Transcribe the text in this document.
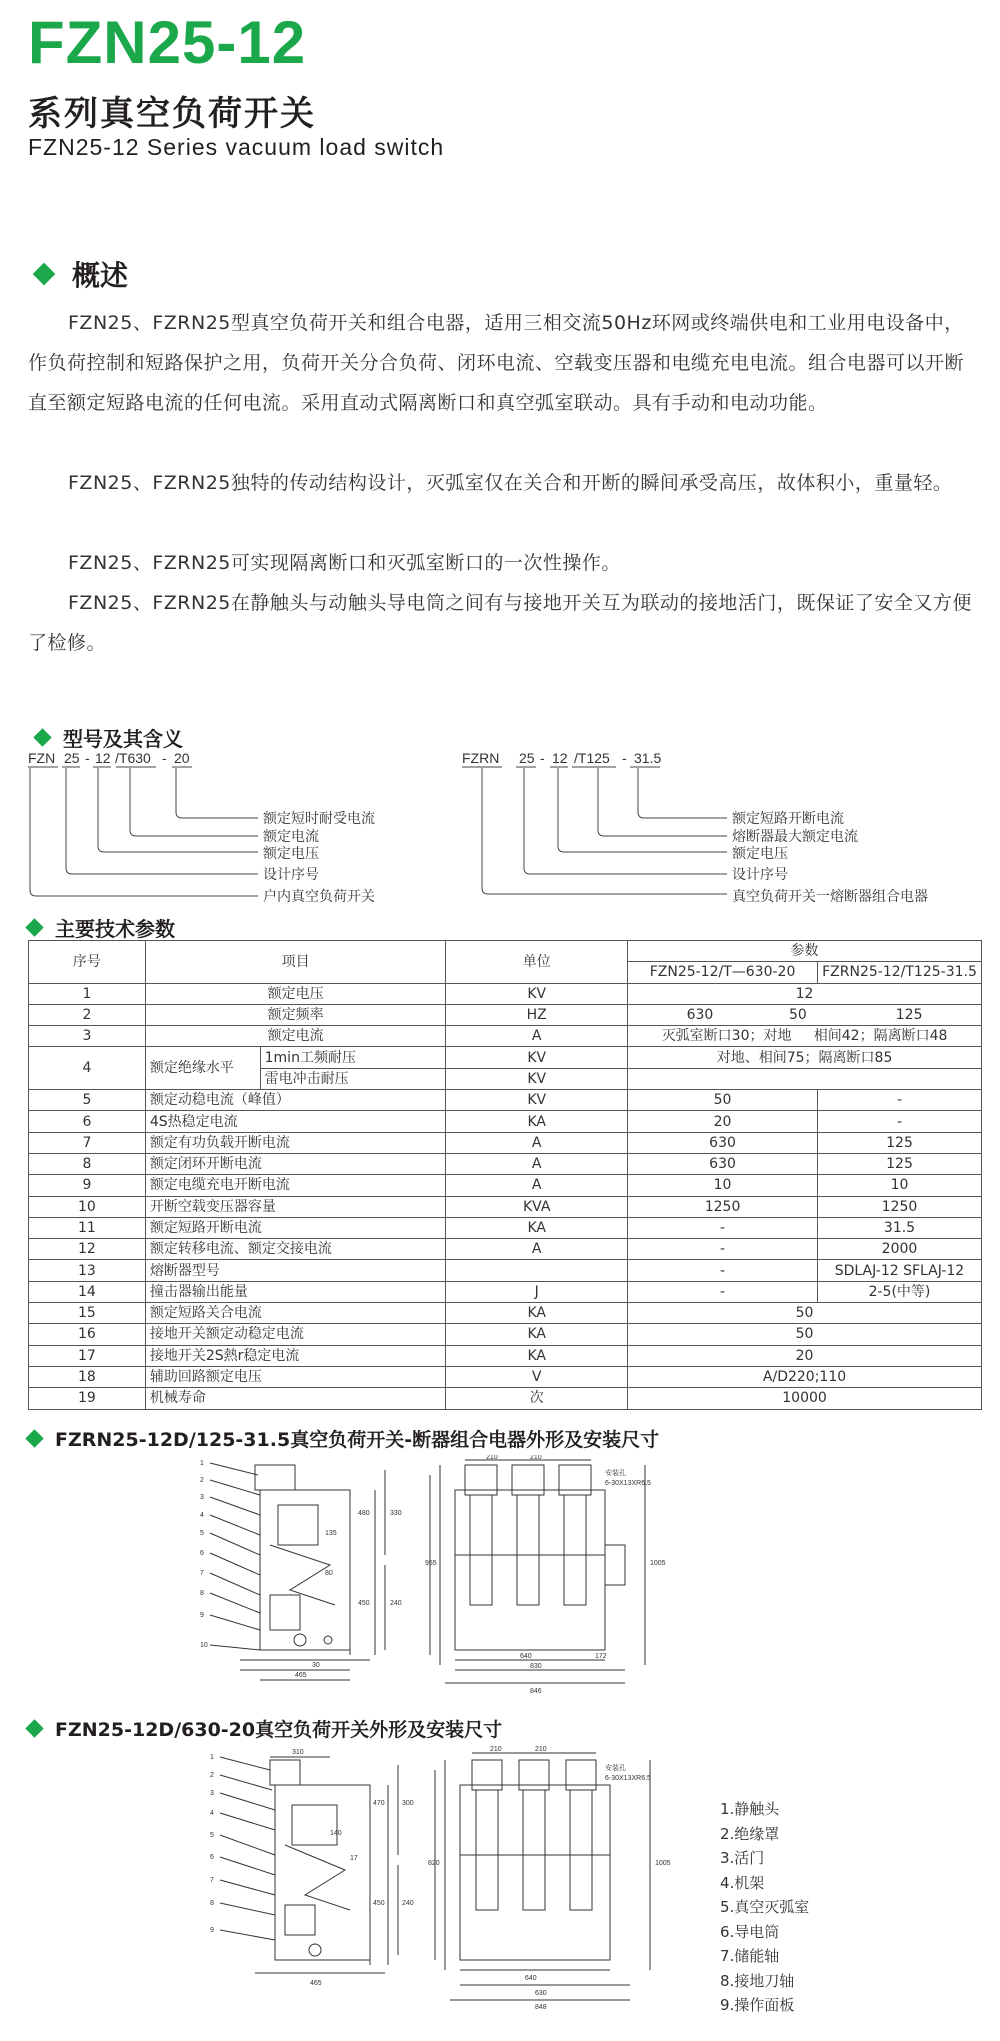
FZN25-12
系列真空负荷开关
FZN25-12 Series vacuum load switch
概述
FZN25、FZRN25型真空负荷开关和组合电器，适用三相交流50Hz环网或终端供电和工业用电设备中，作负荷控制和短路保护之用，负荷开关分合负荷、闭环电流、空载变压器和电缆充电电流。组合电器可以开断直至额定短路电流的任何电流。采用直动式隔离断口和真空弧室联动。具有手动和电动功能。
FZN25、FZRN25独特的传动结构设计，灭弧室仅在关合和开断的瞬间承受高压，故体积小，重量轻。
FZN25、FZRN25可实现隔离断口和灭弧室断口的一次性操作。
FZN25、FZRN25在静触头与动触头导电筒之间有与接地开关互为联动的接地活门，既保证了安全又方便了检修。
型号及其含义
FZN 25 - 12 /T630 - 20
额定短时耐受电流
额定电流
额定电压
设计序号
户内真空负荷开关
FZRN 25 - 12 /T125 - 31.5
额定短路开断电流
熔断器最大额定电流
额定电压
设计序号
真空负荷开关一熔断器组合电器
主要技术参数
序号	项目		单位	参数	
				FZN25-12/T—630-20	FZRN25-12/T125-31.5
1	额定电压		KV	12	
2	额定频率		HZ	630                 50                    125	
3	额定电流		A	灭弧室断口30；对地     相间42；隔离断口48	
4	额定绝缘水平	1min工频耐压	KV	对地、相间75；隔离断口85	
		雷电冲击耐压	KV		
5	额定动稳电流（峰值）		KV	50	-
6	4S热稳定电流		KA	20	-
7	额定有功负载开断电流		A	630	125
8	额定闭环开断电流		A	630	125
9	额定电缆充电开断电流		A	10	10
10	开断空载变压器容量		KVA	1250	1250
11	额定短路开断电流		KA	-	31.5
12	额定转移电流、额定交接电流		A	-	2000
13	熔断器型号			-	SDLAJ-12 SFLAJ-12
14	撞击器输出能量		J	-	2-5(中等)
15	额定短路关合电流		KA	50	
16	接地开关额定动稳定电流		KA	50	
17	接地开关2S熱r稳定电流		KA	20	
18	辅助回路额定电压		V	A/D220;110	
19	机械寿命		次	10000	
FZRN25-12D/125-31.5真空负荷开关-断器组合电器外形及安装尺寸
1
2
3
4
5
6
7
8
9
10
465
30
480
450
330
240
135
80
210	210
安装孔
6-30X13XR6.5
1005
955
640
830
846
172
FZN25-12D/630-20真空负荷开关外形及安装尺寸
1
2
3
4
5
6
7
8
9
310
465
140
17
470
450
300
240
210	210
安装孔
6-30X13XR6.5
1005
820
640
630
848
1.静触头
2.绝缘罩
3.活门
4.机架
5.真空灭弧室
6.导电筒
7.储能轴
8.接地刀轴
9.操作面板
